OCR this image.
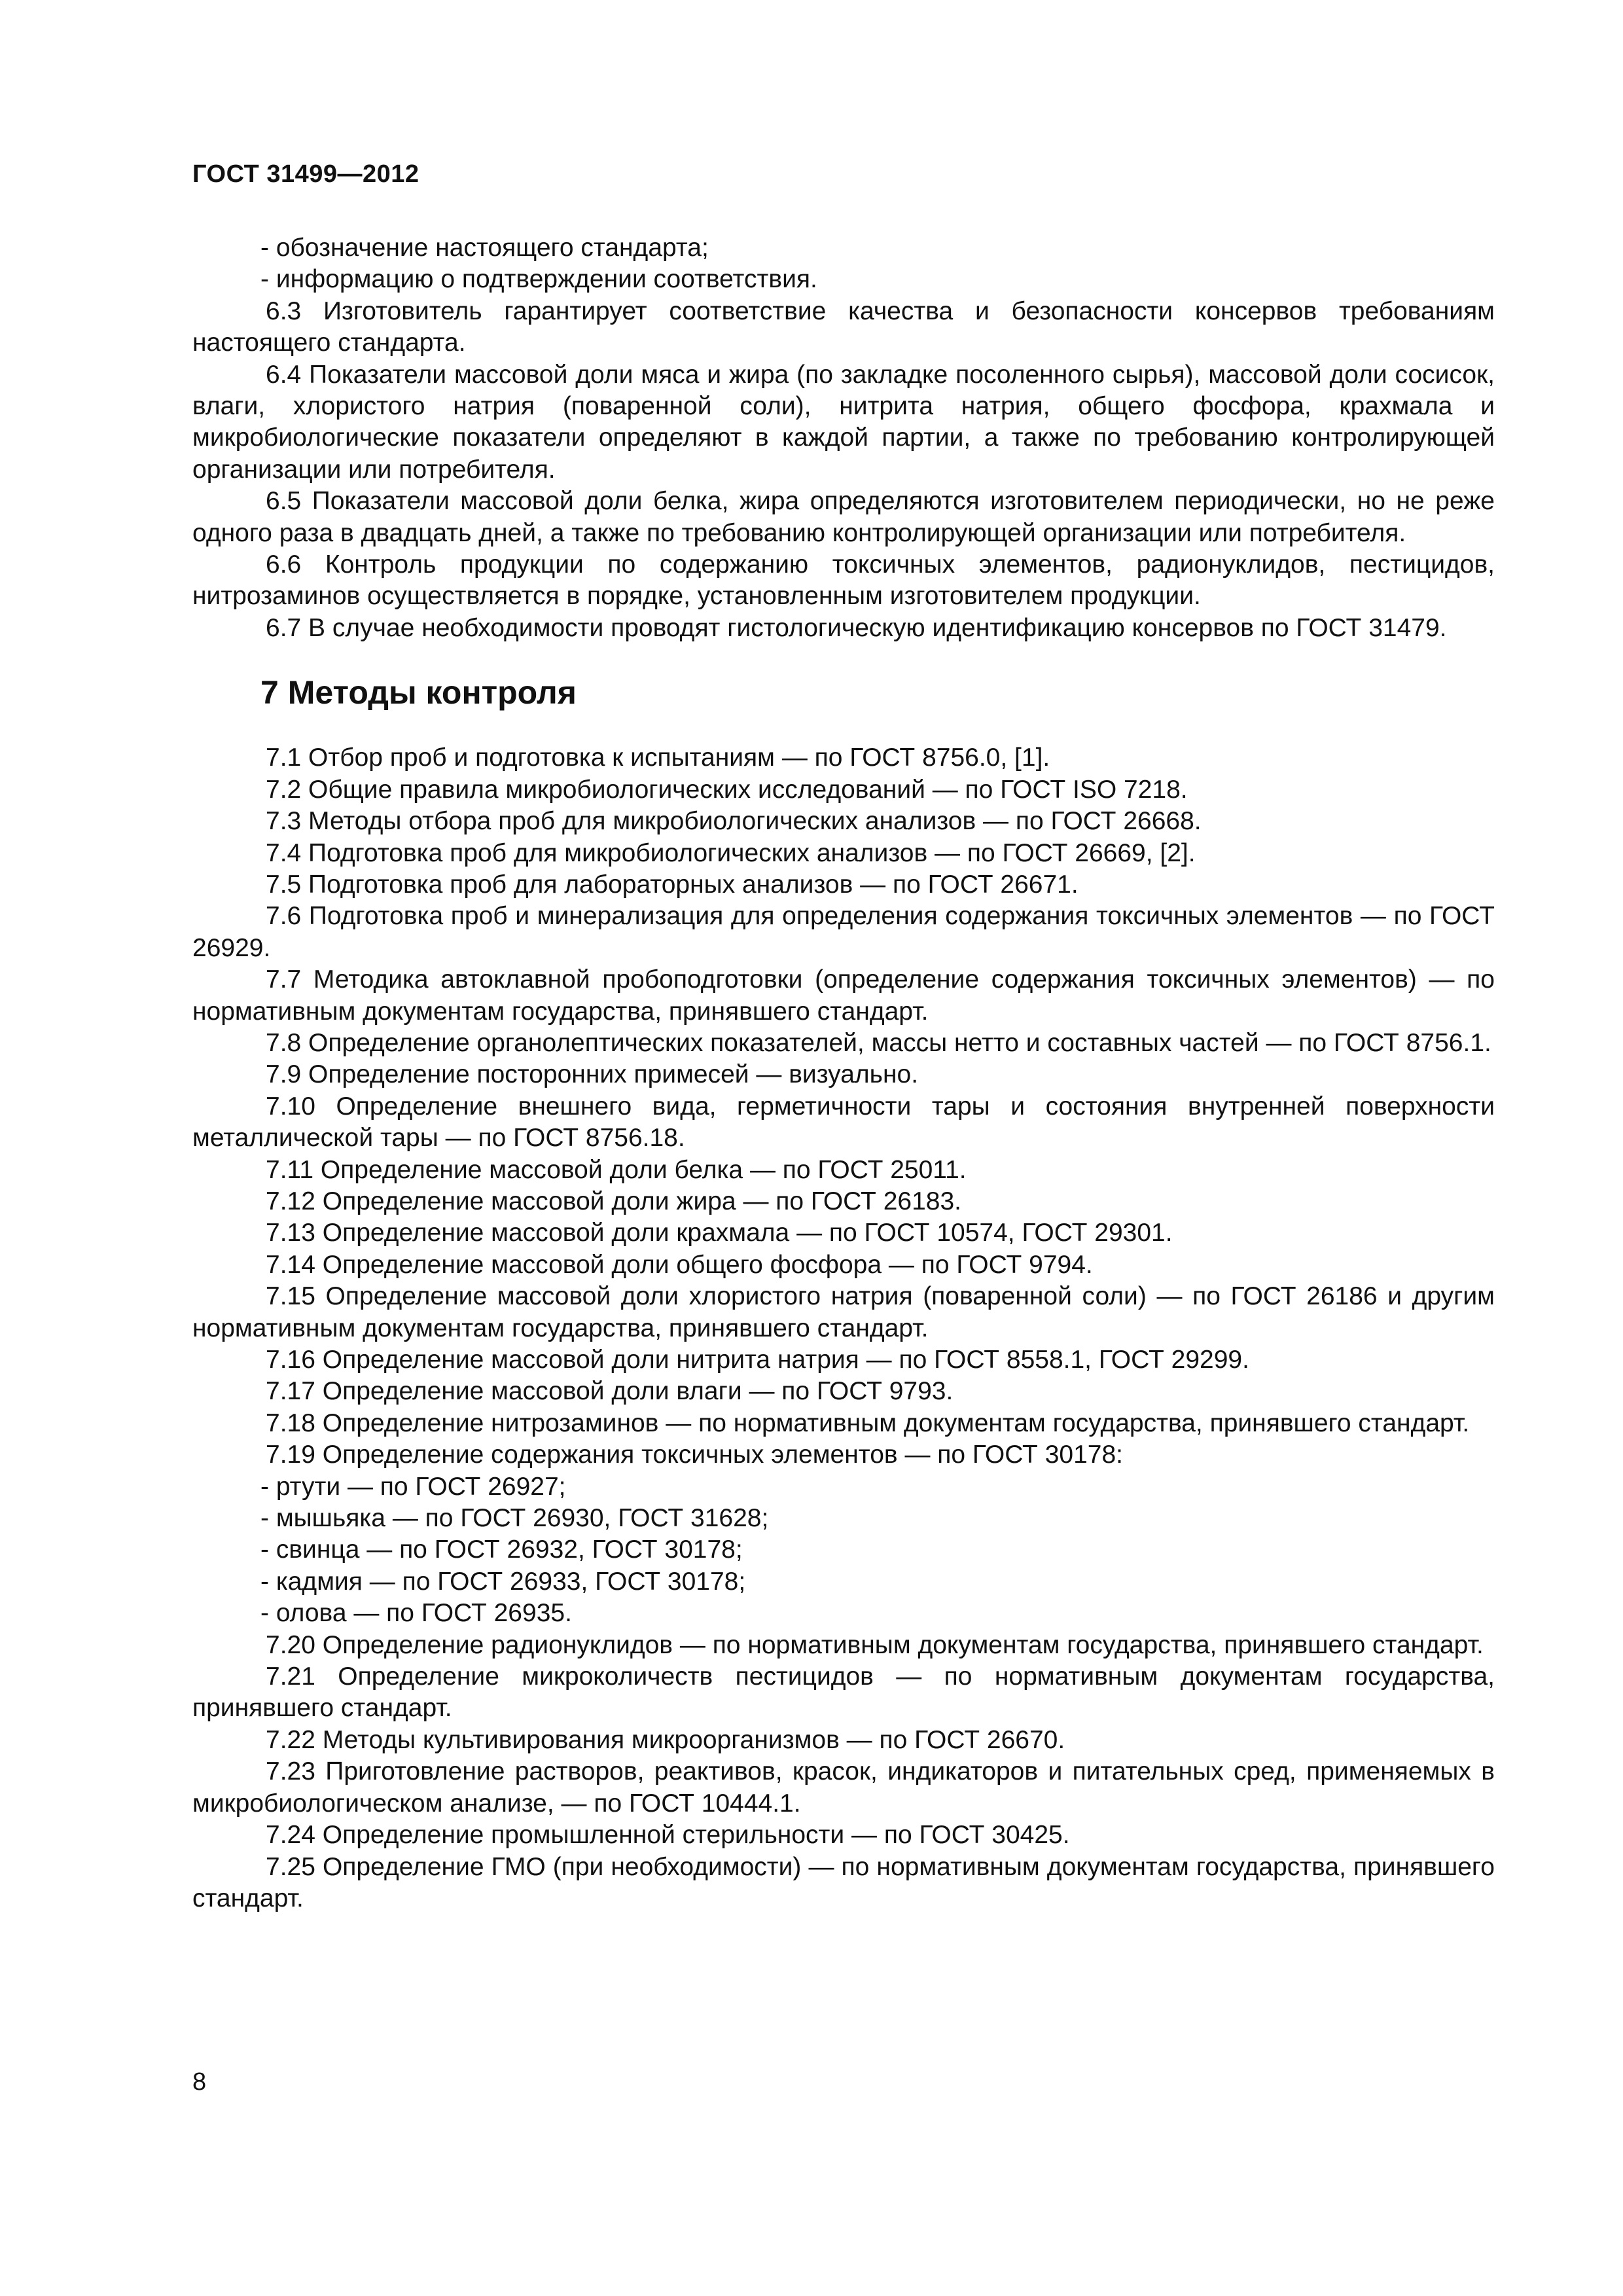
ГОСТ 31499—2012

- обозначение настоящего стандарта;

- информацию о подтверждении соответствия.

6.3 Изготовитель гарантирует соответствие качества и безопасности консервов требованиям настоящего стандарта.

6.4 Показатели массовой доли мяса и жира (по закладке посоленного сырья), массовой доли сосисок, влаги, хлористого натрия (поваренной соли), нитрита натрия, общего фосфора, крахмала и микробиологические показатели определяют в каждой партии, а также по требованию контролирующей организации или потребителя.

6.5 Показатели массовой доли белка, жира определяются изготовителем периодически, но не реже одного раза в двадцать дней, а также по требованию контролирующей организации или потребителя.

6.6 Контроль продукции по содержанию токсичных элементов, радионуклидов, пестицидов, нитрозаминов осуществляется в порядке, установленным изготовителем продукции.

6.7 В случае необходимости проводят гистологическую идентификацию консервов по ГОСТ 31479.

7 Методы контроля

7.1 Отбор проб и подготовка к испытаниям — по ГОСТ 8756.0, [1].

7.2 Общие правила микробиологических исследований — по ГОСТ ISO 7218.

7.3 Методы отбора проб для микробиологических анализов — по ГОСТ 26668.

7.4 Подготовка проб для микробиологических анализов — по ГОСТ 26669, [2].

7.5 Подготовка проб для лабораторных анализов — по ГОСТ 26671.

7.6 Подготовка проб и минерализация для определения содержания токсичных элементов — по ГОСТ 26929.

7.7 Методика автоклавной пробоподготовки (определение содержания токсичных элементов) — по нормативным документам государства, принявшего стандарт.

7.8 Определение органолептических показателей, массы нетто и составных частей — по ГОСТ 8756.1.

7.9 Определение посторонних примесей — визуально.

7.10 Определение внешнего вида, герметичности тары и состояния внутренней поверхности металлической тары — по ГОСТ 8756.18.

7.11 Определение массовой доли белка — по ГОСТ 25011.

7.12 Определение массовой доли жира — по ГОСТ 26183.

7.13 Определение массовой доли крахмала — по ГОСТ 10574, ГОСТ 29301.

7.14 Определение массовой доли общего фосфора — по ГОСТ 9794.

7.15 Определение массовой доли хлористого натрия (поваренной соли) — по ГОСТ 26186 и другим нормативным документам государства, принявшего стандарт.

7.16 Определение массовой доли нитрита натрия — по ГОСТ 8558.1, ГОСТ 29299.

7.17 Определение массовой доли влаги — по ГОСТ 9793.

7.18 Определение нитрозаминов — по нормативным документам государства, принявшего стандарт.

7.19 Определение содержания токсичных элементов — по ГОСТ 30178:

- ртути — по ГОСТ 26927;

- мышьяка — по ГОСТ 26930, ГОСТ 31628;

- свинца — по ГОСТ 26932, ГОСТ 30178;

- кадмия — по ГОСТ 26933, ГОСТ 30178;

- олова — по ГОСТ 26935.

7.20 Определение радионуклидов — по нормативным документам государства, принявшего стандарт.

7.21 Определение микроколичеств пестицидов — по нормативным документам государства, принявшего стандарт.

7.22 Методы культивирования микроорганизмов — по ГОСТ 26670.

7.23 Приготовление растворов, реактивов, красок, индикаторов и питательных сред, применяемых в микробиологическом анализе, — по ГОСТ 10444.1.

7.24 Определение промышленной стерильности — по ГОСТ 30425.

7.25 Определение ГМО (при необходимости) — по нормативным документам государства, принявшего стандарт.

8
